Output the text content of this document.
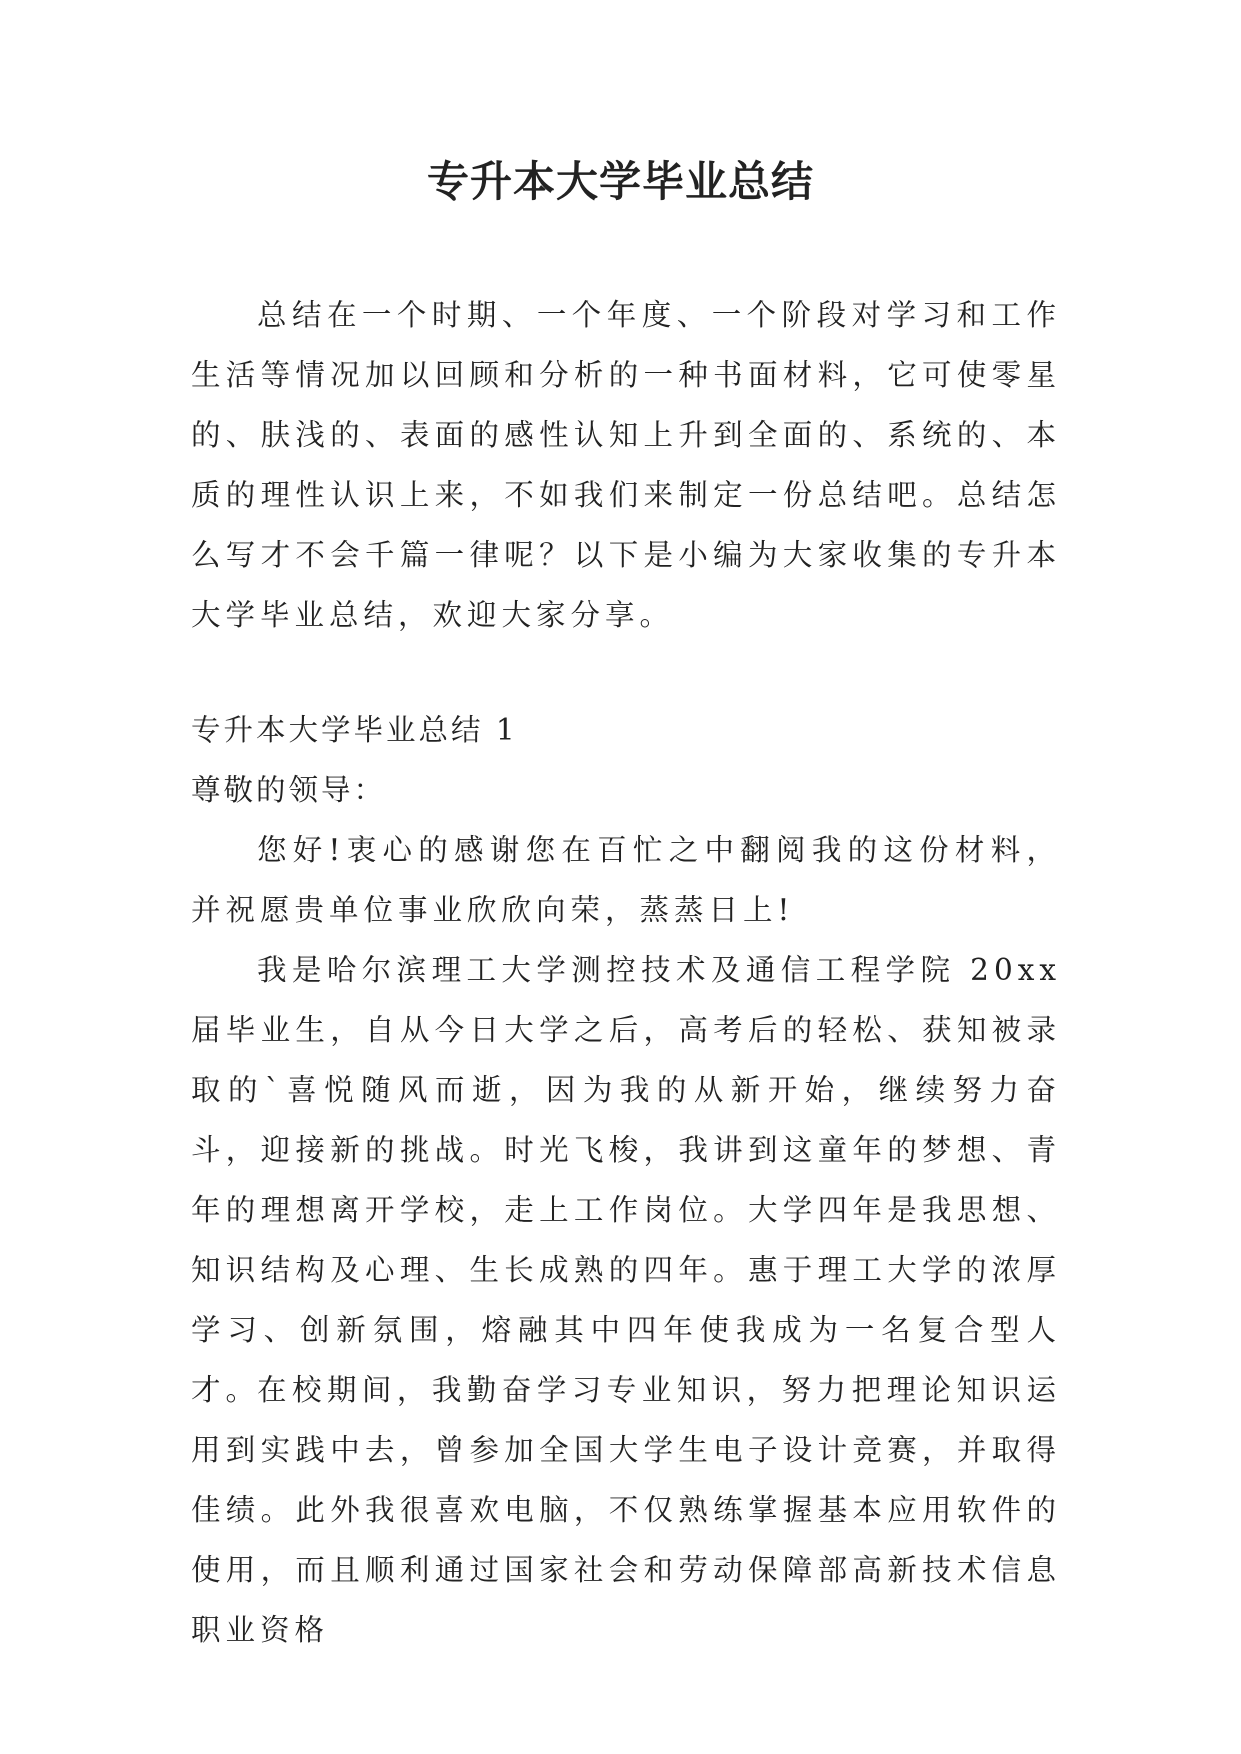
专升本大学毕业总结

总结在一个时期、一个年度、一个阶段对学习和工作生活等情况加以回顾和分析的一种书面材料，它可使零星的、肤浅的、表面的感性认知上升到全面的、系统的、本质的理性认识上来，不如我们来制定一份总结吧。总结怎么写才不会千篇一律呢？以下是小编为大家收集的专升本大学毕业总结，欢迎大家分享。

专升本大学毕业总结 1

尊敬的领导：

您好!衷心的感谢您在百忙之中翻阅我的这份材料，并祝愿贵单位事业欣欣向荣，蒸蒸日上!

我是哈尔滨理工大学测控技术及通信工程学院 20xx 届毕业生，自从今日大学之后，高考后的轻松、获知被录取的`喜悦随风而逝，因为我的从新开始，继续努力奋斗，迎接新的挑战。时光飞梭，我讲到这童年的梦想、青年的理想离开学校，走上工作岗位。大学四年是我思想、知识结构及心理、生长成熟的四年。惠于理工大学的浓厚学习、创新氛围，熔融其中四年使我成为一名复合型人才。

在校期间，我勤奋学习专业知识，努力把理论知识运用到实践中去，曾参加全国大学生电子设计竞赛，并取得佳绩。此外我很喜欢电脑，不仅熟练掌握基本应用软件的使用，而且顺利通过国家社会和劳动保障部高新技术信息职业资格
